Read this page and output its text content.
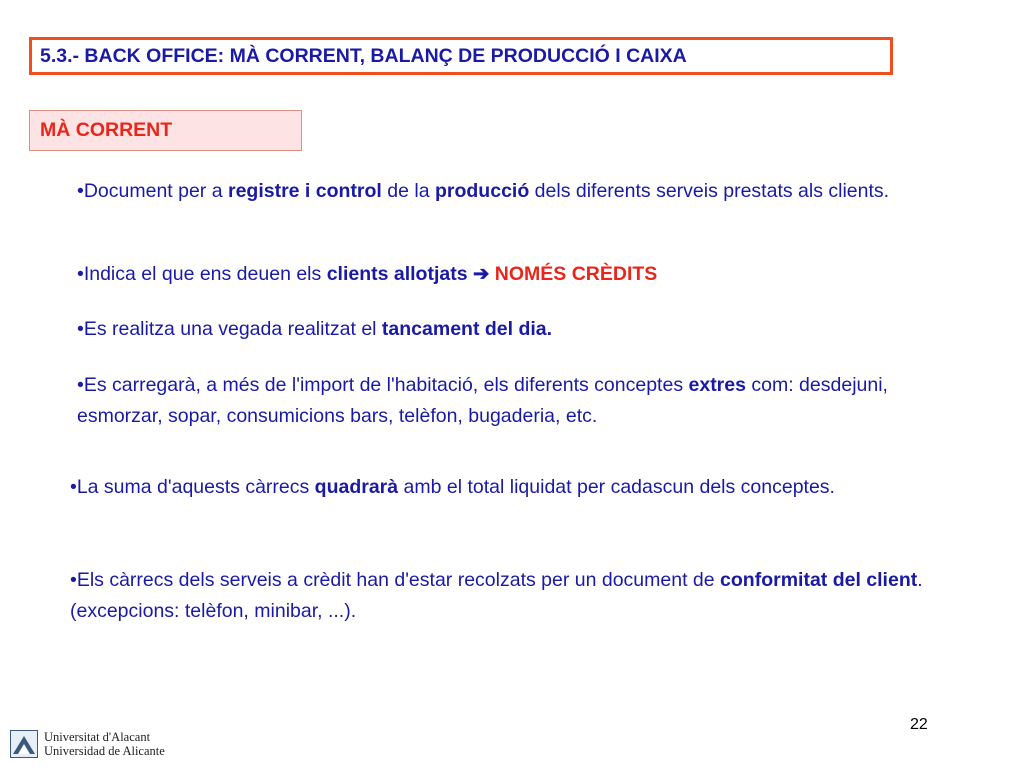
5.3.- BACK OFFICE: MÀ CORRENT, BALANÇ DE PRODUCCIÓ I CAIXA
MÀ CORRENT

•Document per a registre i control de la producció dels diferents serveis prestats als clients.

•Indica el que ens deuen els clients allotjats ➔ NOMÉS CRÈDITS

•Es realitza una vegada realitzat el tancament del dia.

•Es carregarà, a més de l'import de l'habitació, els diferents conceptes extres com: desdejuni, esmorzar, sopar, consumicions bars, telèfon, bugaderia, etc.

•La suma d'aquests càrrecs quadrarà amb el total liquidat per cadascun dels conceptes.

•Els càrrecs dels serveis a crèdit han d'estar recolzats per un document de conformitat del client.
(excepcions: telèfon, minibar, ...).

22
Universitat d'Alacant
Universidad de Alicante
